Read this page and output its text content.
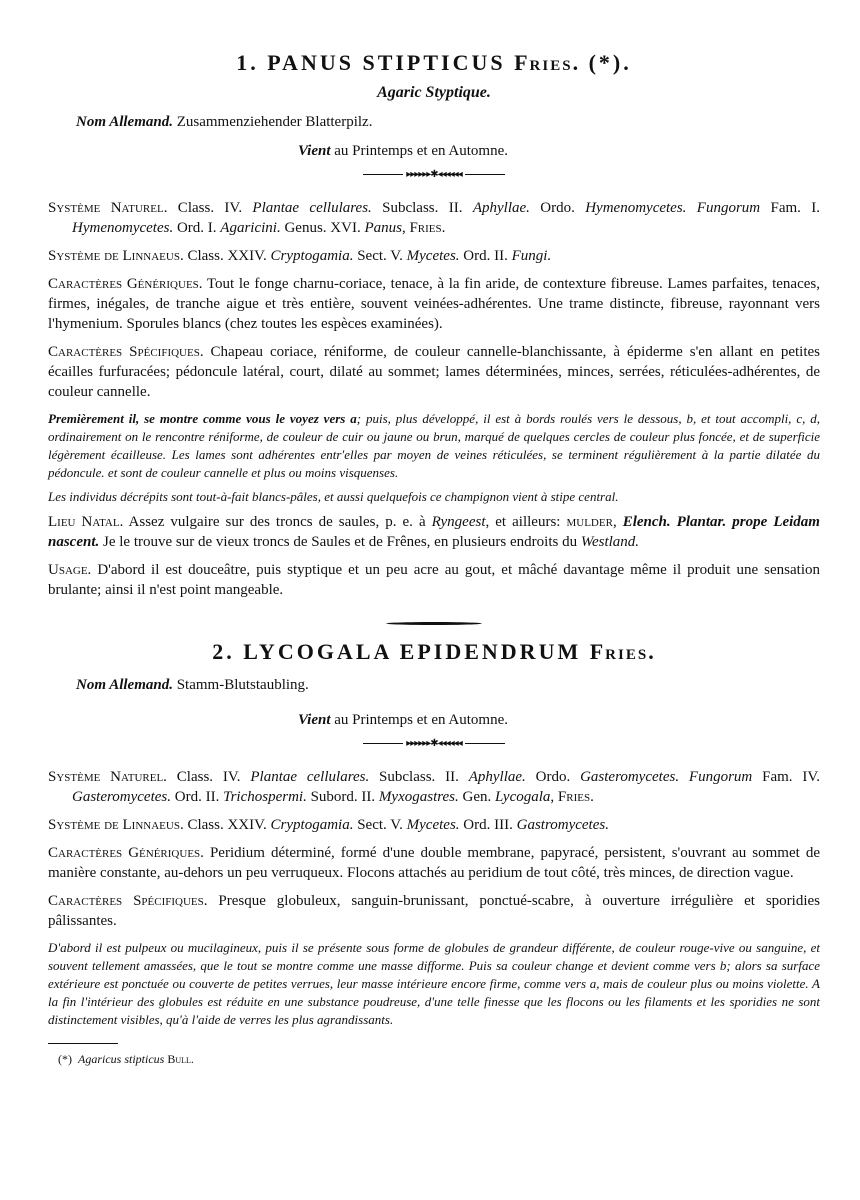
1. PANUS STIPTICUS Fries. (*).
Agaric Styptique.
Nom Allemand. Zusammenziehender Blatterpilz.
Vient au Printemps et en Automne.
▸▸▸▸▸▸✱◂◂◂◂◂◂

Système Naturel. Class. IV. Plantae cellulares. Subclass. II. Aphyllae. Ordo. Hymenomycetes. Fungorum Fam. I. Hymenomycetes. Ord. I. Agaricini. Genus. XVI. Panus, Fries.

Système de Linnaeus. Class. XXIV. Cryptogamia. Sect. V. Mycetes. Ord. II. Fungi.

Caractères Génériques. Tout le fonge charnu-coriace, tenace, à la fin aride, de contexture fibreuse. Lames parfaites, tenaces, firmes, inégales, de tranche aigue et très entière, souvent veinées-adhérentes. Une trame distincte, fibreuse, rayonnant vers l'hymenium. Sporules blancs (chez toutes les espèces examinées).

Caractères Spécifiques. Chapeau coriace, réniforme, de couleur cannelle-blanchissante, à épiderme s'en allant en petites écailles furfuracées; pédoncule latéral, court, dilaté au sommet; lames déterminées, minces, serrées, réticulées-adhérentes, de couleur cannelle.

Premièrement il, se montre comme vous le voyez vers a; puis, plus développé, il est à bords roulés vers le dessous, b, et tout accompli, c, d, ordinairement on le rencontre réniforme, de couleur de cuir ou jaune ou brun, marqué de quelques cercles de couleur plus foncée, et de superficie légèrement écailleuse. Les lames sont adhérentes entr'elles par moyen de veines réticulées, se terminent régulièrement à la partie dilatée du pédoncule. et sont de couleur cannelle et plus ou moins visquenses.

Les individus décrépits sont tout-à-fait blancs-pâles, et aussi quelquefois ce champignon vient à stipe central.

Lieu Natal. Assez vulgaire sur des troncs de saules, p. e. à Ryngeest, et ailleurs: mulder, Elench. Plantar. prope Leidam nascent. Je le trouve sur de vieux troncs de Saules et de Frênes, en plusieurs endroits du Westland.

Usage. D'abord il est douceâtre, puis styptique et un peu acre au gout, et mâché davantage même il produit une sensation brulante; ainsi il n'est point mangeable.

2. LYCOGALA EPIDENDRUM Fries.
Nom Allemand. Stamm-Blutstaubling.
Vient au Printemps et en Automne.
▸▸▸▸▸▸✱◂◂◂◂◂◂

Système Naturel. Class. IV. Plantae cellulares. Subclass. II. Aphyllae. Ordo. Gasteromycetes. Fungorum Fam. IV. Gasteromycetes. Ord. II. Trichospermi. Subord. II. Myxogastres. Gen. Lycogala, Fries.

Système de Linnaeus. Class. XXIV. Cryptogamia. Sect. V. Mycetes. Ord. III. Gastromycetes.

Caractères Génériques. Peridium déterminé, formé d'une double membrane, papyracé, persistent, s'ouvrant au sommet de manière constante, au-dehors un peu verruqueux. Flocons attachés au peridium de tout côté, très minces, de direction vague.

Caractères Spécifiques. Presque globuleux, sanguin-brunissant, ponctué-scabre, à ouverture irrégulière et sporidies pâlissantes.

D'abord il est pulpeux ou mucilagineux, puis il se présente sous forme de globules de grandeur différente, de couleur rouge-vive ou sanguine, et souvent tellement amassées, que le tout se montre comme une masse difforme. Puis sa couleur change et devient comme vers b; alors sa surface extérieure est ponctuée ou couverte de petites verrues, leur masse intérieure encore firme, comme vers a, mais de couleur plus ou moins violette. A la fin l'intérieur des globules est réduite en une substance poudreuse, d'une telle finesse que les flocons ou les filaments et les sporidies ne sont distinctement visibles, qu'à l'aide de verres les plus agrandissants.

(*) Agaricus stipticus Bull.
